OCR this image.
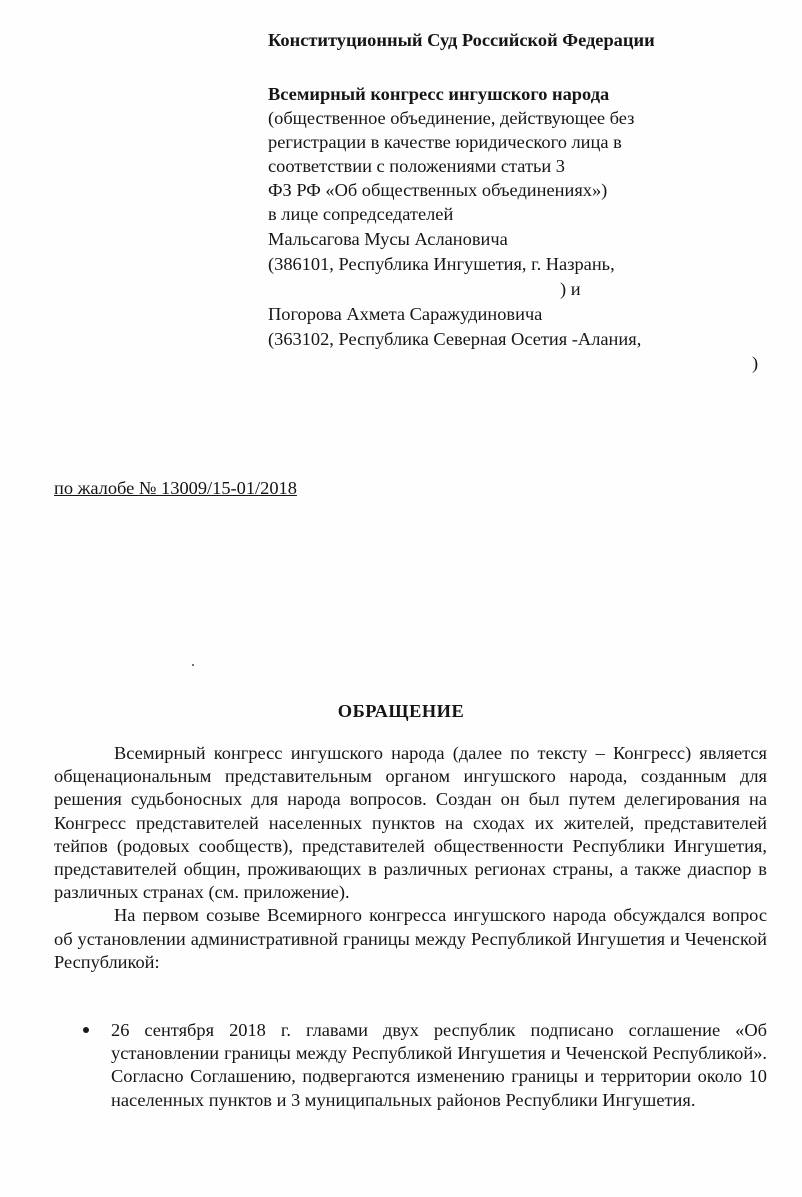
Конституционный Суд Российской Федерации
Всемирный конгресс ингушского народа
(общественное объединение, действующее без
регистрации в качестве юридического лица в
соответствии с положениями статьи 3
ФЗ РФ «Об общественных объединениях»)
в лице сопредседателей
Мальсагова Мусы Аслановича
(386101, Республика Ингушетия, г. Назрань,
) и
Погорова Ахмета Саражудиновича
(363102, Республика Северная Осетия -Алания,
)
по жалобе № 13009/15-01/2018
ОБРАЩЕНИЕ

Всемирный конгресс ингушского народа (далее по тексту – Конгресс) является общенациональным представительным органом ингушского народа, созданным для решения судьбоносных для народа вопросов. Создан он был путем делегирования на Конгресс представителей населенных пунктов на сходах их жителей, представителей тейпов (родовых сообществ), представителей общественности Республики Ингушетия, представителей общин, проживающих в различных регионах страны, а также диаспор в различных странах (см. приложение).

На первом созыве Всемирного конгресса ингушского народа обсуждался вопрос об установлении административной границы между Республикой Ингушетия и Чеченской Республикой:

26 сентября 2018 г. главами двух республик подписано соглашение «Об установлении границы между Республикой Ингушетия и Чеченской Республикой». Согласно Соглашению, подвергаются изменению границы и территории около 10 населенных пунктов и 3 муниципальных районов Республики Ингушетия.
